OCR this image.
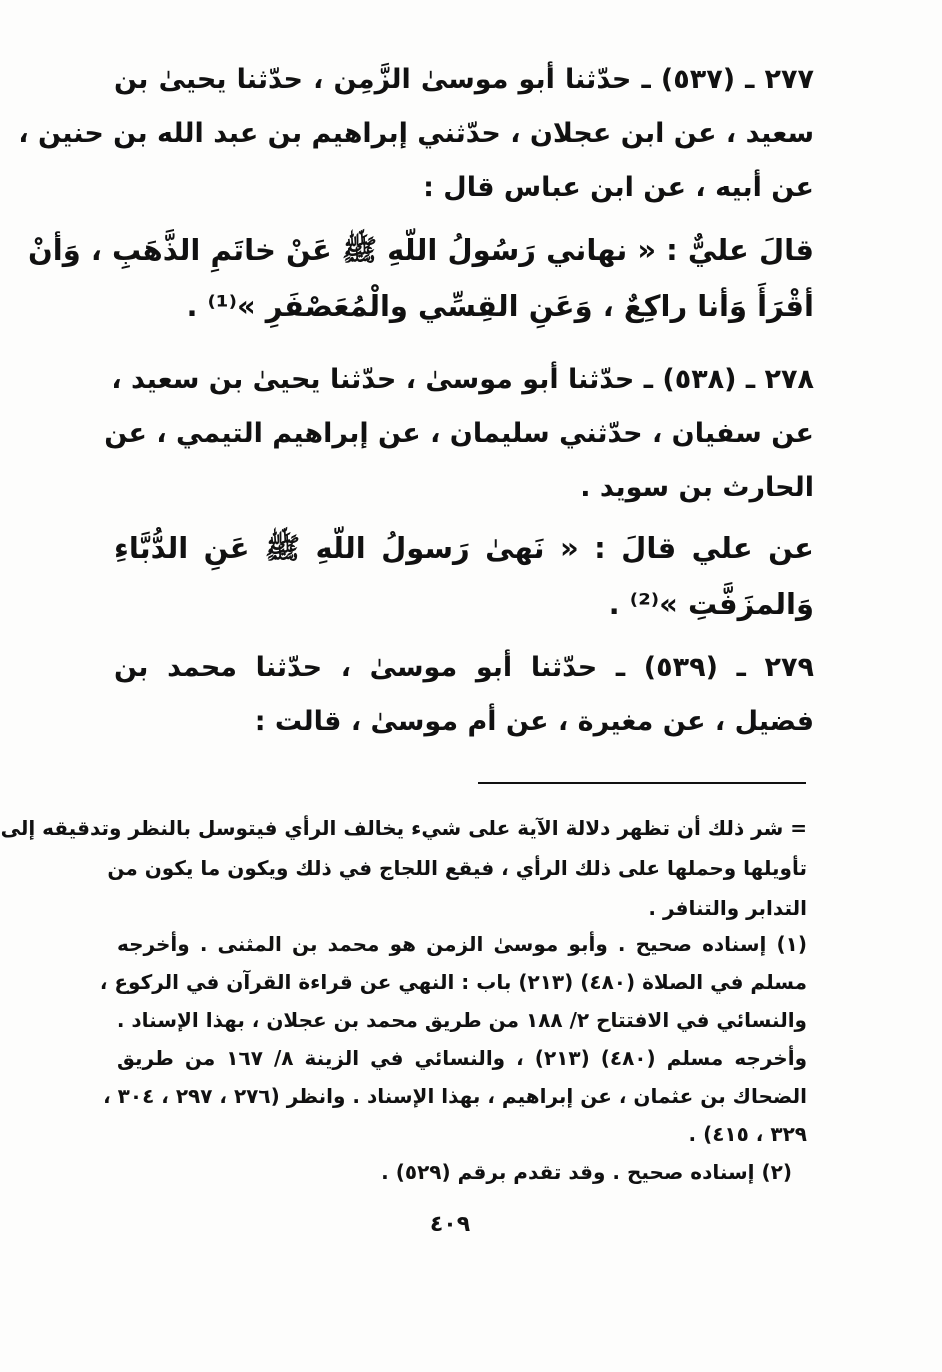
٢٧٧ ـ (٥٣٧) ـ حدّثنا أبو موسىٰ الزَّمِن ، حدّثنا يحيىٰ بن
سعيد ، عن ابن عجلان ، حدّثني إبراهيم بن عبد الله بن حنين ،
عن أبيه ، عن ابن عباس قال :
قالَ عليٌّ : « نهاني رَسُولُ اللّهِ ﷺ عَنْ خاتَمِ الذَّهَبِ ، وَأنْ
أقْرَأَ وَأنا راكِعٌ ، وَعَنِ القِسِّي والْمُعَصْفَرِ »⁽¹⁾ .
٢٧٨ ـ (٥٣٨) ـ حدّثنا أبو موسىٰ ، حدّثنا يحيىٰ بن سعيد ،
عن سفيان ، حدّثني سليمان ، عن إبراهيم التيمي ، عن
الحارث بن سويد .
عن علي قالَ : « نَهىٰ رَسولُ اللّهِ ﷺ عَنِ الدُّبَّاءِ
وَالمزَفَّتِ »⁽²⁾ .
٢٧٩ ـ (٥٣٩) ـ حدّثنا أبو موسىٰ ، حدّثنا محمد بن
فضيل ، عن مغيرة ، عن أم موسىٰ ، قالت :
= شر ذلك أن تظهر دلالة الآية على شيء يخالف الرأي فيتوسل بالنظر وتدقيقه إلى
تأويلها وحملها على ذلك الرأي ، فيقع اللجاج في ذلك ويكون ما يكون من
التدابر والتنافر .
(١) إسناده صحيح . وأبو موسىٰ الزمن هو محمد بن المثنى . وأخرجه
مسلم في الصلاة (٤٨٠) (٢١٣) باب : النهي عن قراءة القرآن في الركوع ،
والنسائي في الافتتاح ٢/ ١٨٨ من طريق محمد بن عجلان ، بهذا الإسناد .
وأخرجه مسلم (٤٨٠) (٢١٣) ، والنسائي في الزينة ٨/ ١٦٧ من طريق
الضحاك بن عثمان ، عن إبراهيم ، بهذا الإسناد . وانظر (٢٧٦ ، ٢٩٧ ، ٣٠٤ ،
٣٢٩ ، ٤١٥) .
(٢) إسناده صحيح . وقد تقدم برقم (٥٢٩) .
٤٠٩
